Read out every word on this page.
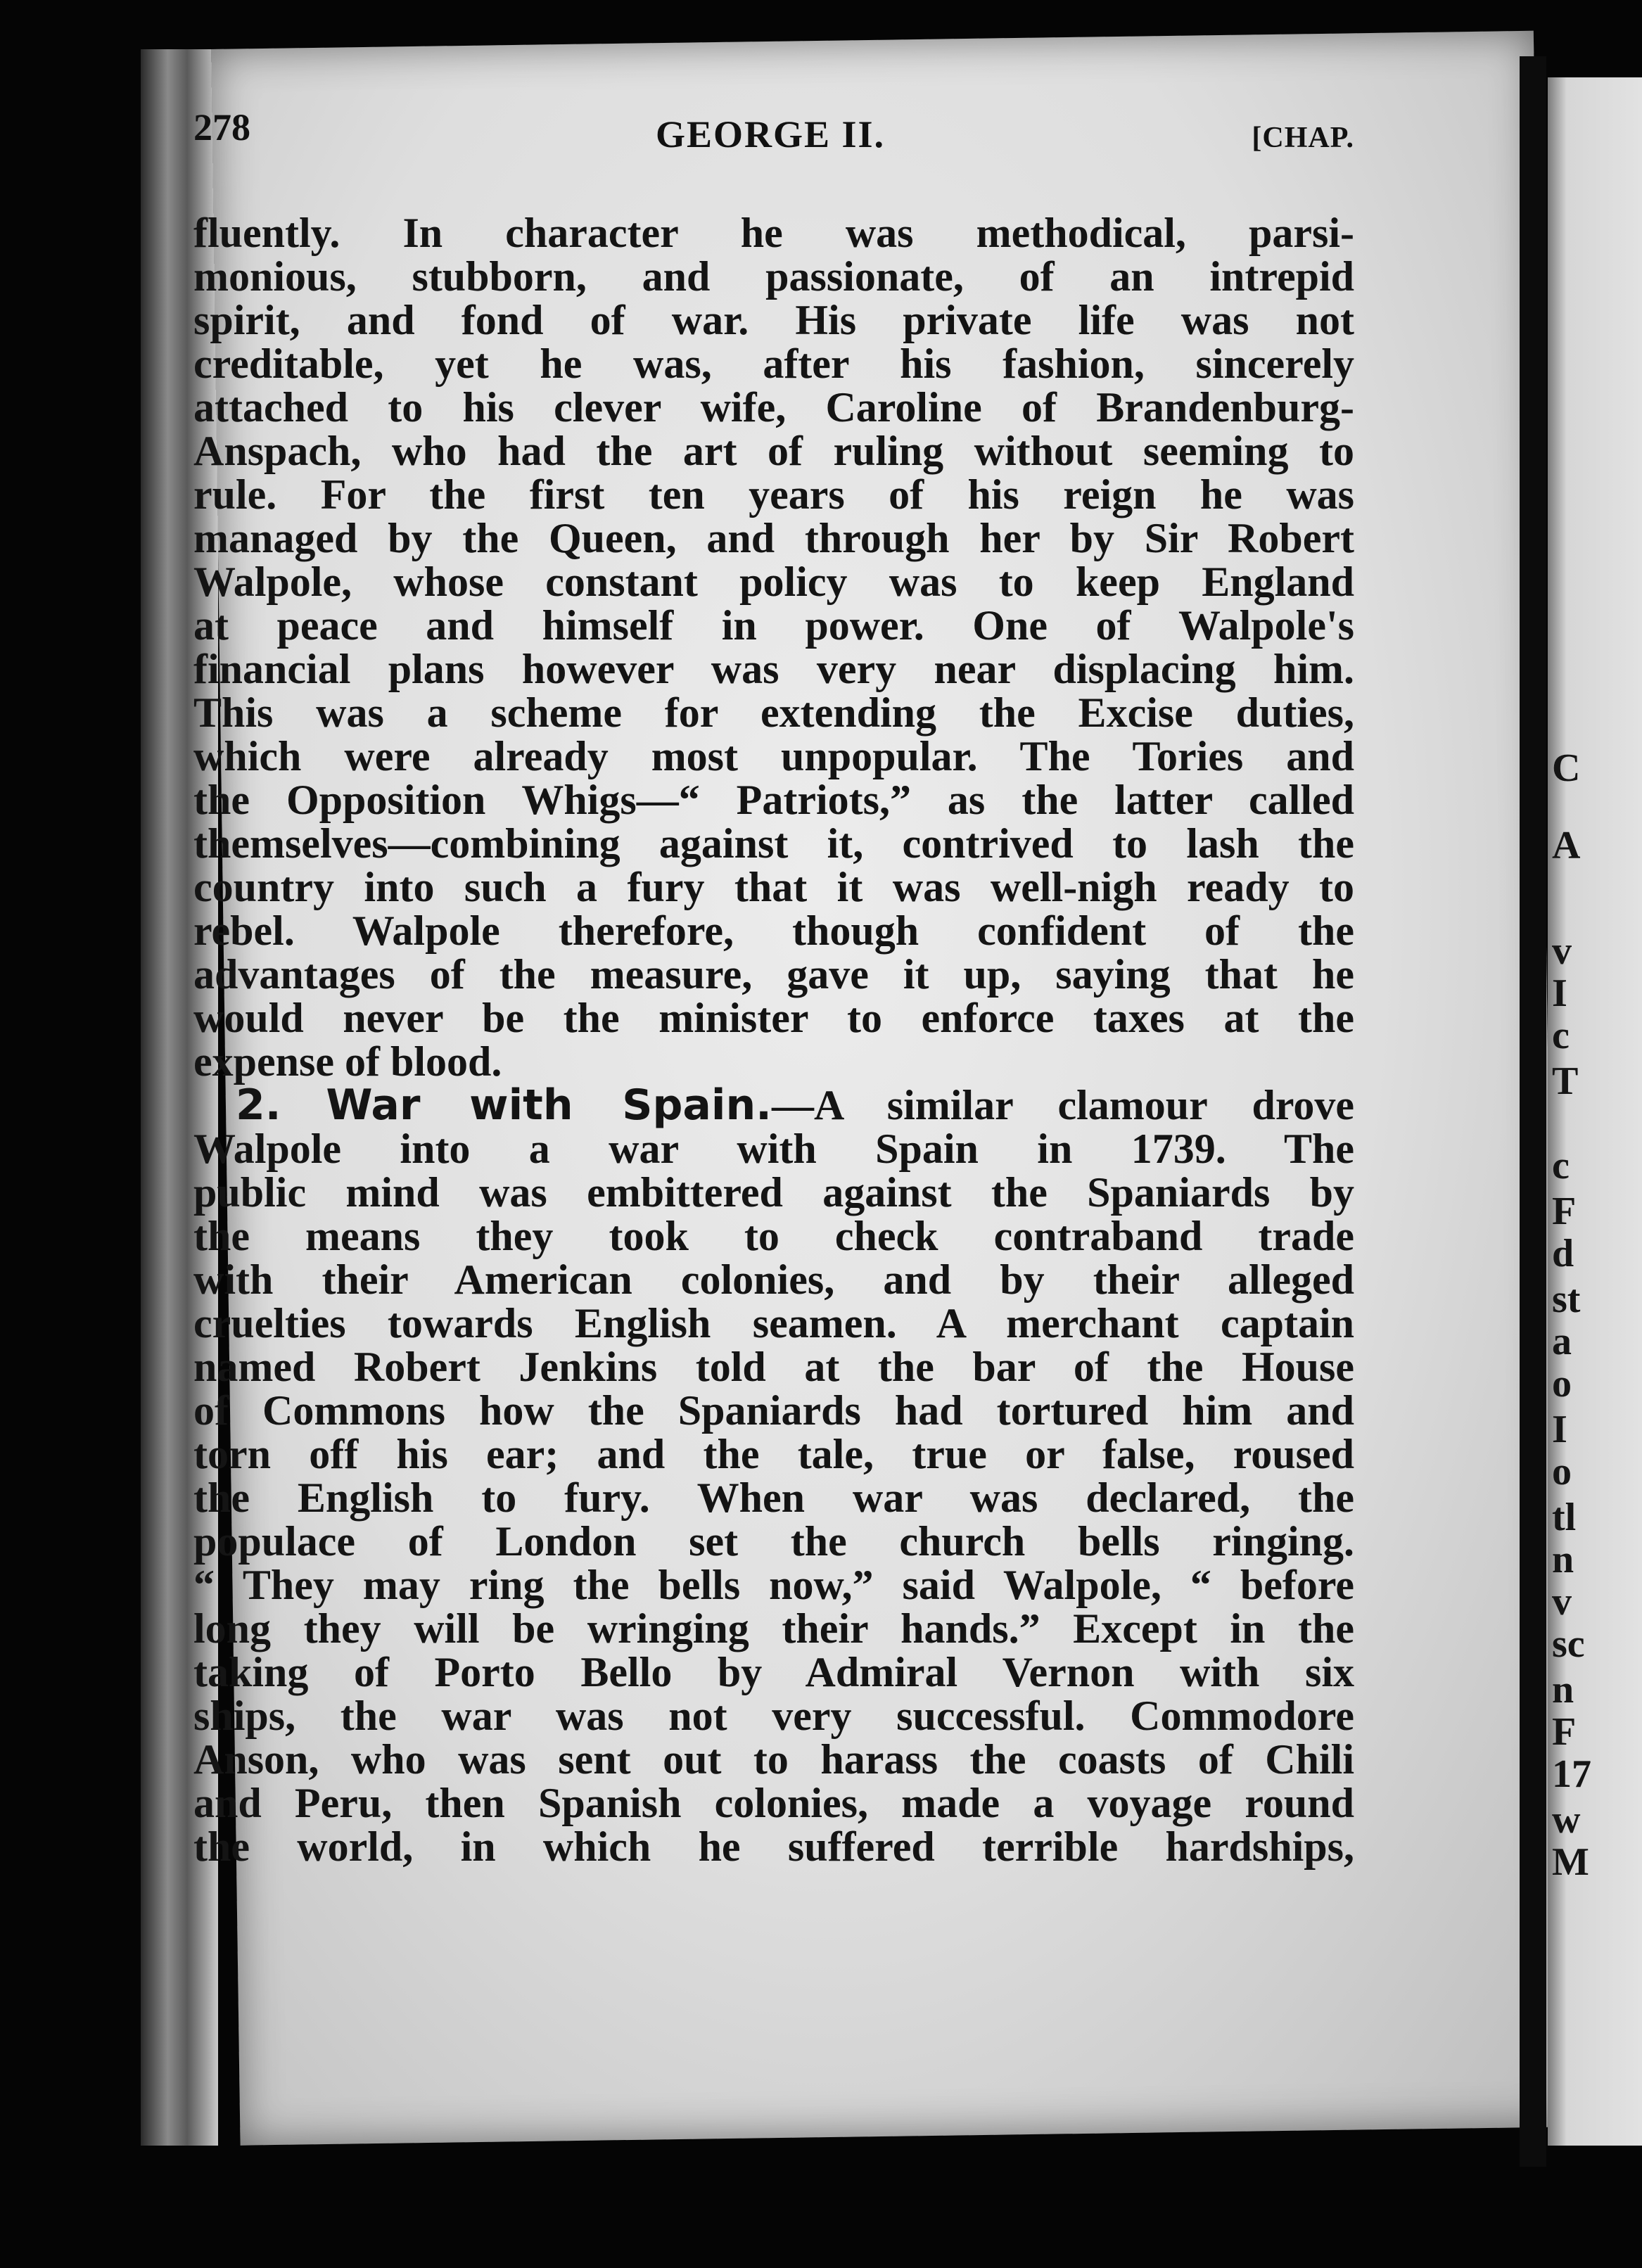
C
A
v
I
c
T
c
F
d
st
a
o
I
o
tl
n
v
sc
n
F
17
w
M
278	GEORGE II.	[CHAP.
fluently. In character he was methodical, parsi-
monious, stubborn, and passionate, of an intrepid
spirit, and fond of war. His private life was not
creditable, yet he was, after his fashion, sincerely
attached to his clever wife, Caroline of Brandenburg-
Anspach, who had the art of ruling without seeming to
rule. For the first ten years of his reign he was
managed by the Queen, and through her by Sir Robert
Walpole, whose constant policy was to keep England
at peace and himself in power. One of Walpole's
financial plans however was very near displacing him.
This was a scheme for extending the Excise duties,
which were already most unpopular. The Tories and
the Opposition Whigs—“ Patriots,” as the latter called
themselves—combining against it, contrived to lash the
country into such a fury that it was well-nigh ready to
rebel. Walpole therefore, though confident of the
advantages of the measure, gave it up, saying that he
would never be the minister to enforce taxes at the
expense of blood.
2. War with Spain.—A similar clamour drove
Walpole into a war with Spain in 1739. The
public mind was embittered against the Spaniards by
the means they took to check contraband trade
with their American colonies, and by their alleged
cruelties towards English seamen. A merchant captain
named Robert Jenkins told at the bar of the House
of Commons how the Spaniards had tortured him and
torn off his ear; and the tale, true or false, roused
the English to fury. When war was declared, the
populace of London set the church bells ringing.
“ They may ring the bells now,” said Walpole, “ before
long they will be wringing their hands.” Except in the
taking of Porto Bello by Admiral Vernon with six
ships, the war was not very successful. Commodore
Anson, who was sent out to harass the coasts of Chili
and Peru, then Spanish colonies, made a voyage round
the world, in which he suffered terrible hardships,
